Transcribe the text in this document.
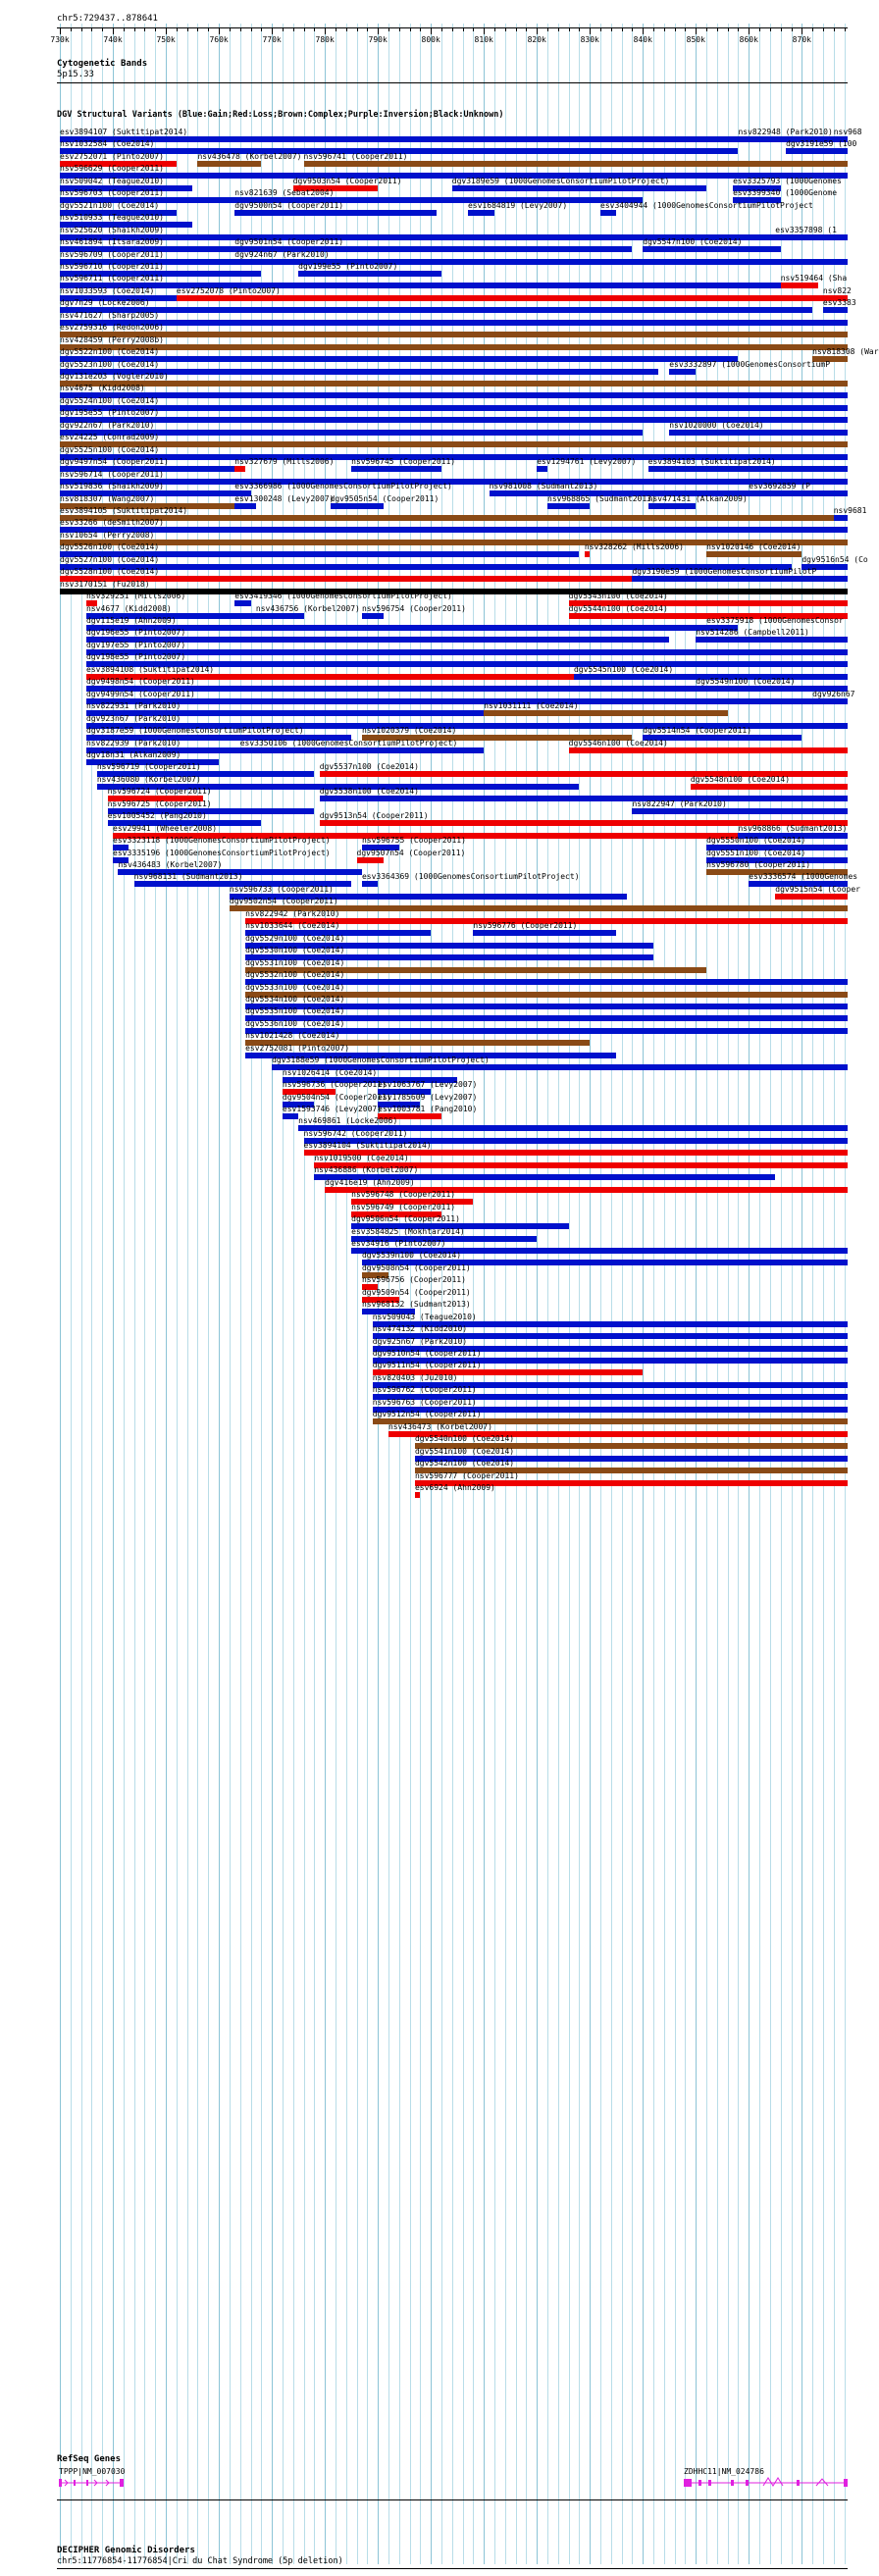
chr5:729437..878641
730k	740k	750k	760k	770k	780k	790k	800k	810k	820k	830k	840k	850k	860k	870k
Cytogenetic Bands
5p15.33
DGV Structural Variants (Blue:Gain;Red:Loss;Brown:Complex;Purple:Inversion;Black:Unknown)
esv3894107 (Suktitipat2014)	nsv822948 (Park2010) nsv968
nsv1032584 (Coe2014)	dgv3191e59 (100
esv2752071 (Pinto2007)	nsv436478 (Korbel2007) nsv596741 (Cooper2011)
nsv596629 (Cooper2011)
nsv509042 (Teague2010)	dgv9503n54 (Cooper2011)	dgv3189e59 (1000GenomesConsortiumPilotProject)	esv3325793 (1000Genomes
nsv596703 (Cooper2011)	nsv821639 (Sebat2004)	esv3399340 (1000Genome
dgv5521n100 (Coe2014)	dgv9500n54 (Cooper2011)	esv1684819 (Levy2007)	esv3404944 (1000GenomesConsortiumPilotProject
nsv510933 (Teague2010)
nsv525620 (Shaikh2009)	esv3357898 (1
nsv461894 (Itsara2009)	dgv9501n54 (Cooper2011)	dgv5547n100 (Coe2014)
nsv596709 (Cooper2011)	dgv924n67 (Park2010)
nsv596710 (Cooper2011)	dgv199e55 (Pinto2007)
nsv596711 (Cooper2011)	nsv519464 (Sha
nsv1033593 (Coe2014)	esv2752078 (Pinto2007)	nsv822
dgv7n29 (Locke2006)	esv3383
nsv471627 (Sharp2005)
esv2759316 (Redon2006)
nsv428459 (Perry2008b)
dgv5522n100 (Coe2014)	nsv818308 (War
dgv5523n100 (Coe2014)	esv3332897 (1000GenomesConsortiumP
dgv131e203 (Vogler2010)
nsv4675 (Kidd2008)
dgv5524n100 (Coe2014)
dgv195e55 (Pinto2007)
dgv922n67 (Park2010)	nsv1020000 (Coe2014)
esv24225 (Conrad2009)
dgv5525n100 (Coe2014)
dgv9497n54 (Cooper2011)	nsv327679 (Mills2006) nsv596745 (Cooper2011)	esv1294761 (Levy2007) esv3894103 (Suktitipat2014)
nsv596714 (Cooper2011)
nsv519836 (Shaikh2009)	esv3366986 (1000GenomesConsortiumPilotProject)	nsv981008 (Sudmant2013)	esv3692859 (P
nsv818307 (Wang2007)	esv1300248 (Levy2007)
dgv9505n54 (Cooper2011)	nsv968865 (Sudmant2013)
nsv471431 (Alkan2009)
esv3894105 (Suktitipat2014)	nsv9681
esv33266 (deSmith2007)
nsv10654 (Perry2008)
dgv5526n100 (Coe2014)	nsv328262 (Mills2006)	nsv1020146 (Coe2014)
dgv5527n100 (Coe2014)	dgv9516n54 (Co
dgv5528n100 (Coe2014)	dgv3190e59 (1000GenomesConsortiumPilotP
nsv3170151 (Fu2018)
nsv329251 (Mills2006)	esv3419346 (1000GenomesConsortiumPilotProject)	dgv5543n100 (Coe2014)
nsv4677 (Kidd2008)	nsv436756 (Korbel2007) nsv596754 (Cooper2011)	dgv5544n100 (Coe2014)
dgv115e19 (Ahn2009)	esv3375918 (1000GenomesConsor
dgv196e55 (Pinto2007)	nsv514286 (Campbell2011)
dgv197e55 (Pinto2007)
dgv198e55 (Pinto2007)
esv3894108 (Suktitipat2014)	dgv5545n100 (Coe2014)
dgv9498n54 (Cooper2011)	dgv5549n100 (Coe2014)
dgv9499n54 (Cooper2011)	dgv926n67
nsv822931 (Park2010)	nsv1031111 (Coe2014)
dgv923n67 (Park2010)
dgv3187e59 (1000GenomesConsortiumPilotProject)	nsv1020379 (Coe2014)	dgv5514n54 (Cooper2011)
nsv822939 (Park2010)	esv3350106 (1000GenomesConsortiumPilotProject)	dgv5546n100 (Coe2014)
dgv18n31 (Alkan2009)
nsv596719 (Cooper2011)	dgv5537n100 (Coe2014)
nsv436080 (Korbel2007)	dgv5548n100 (Coe2014)
nsv596724 (Cooper2011)	dgv5538n100 (Coe2014)
nsv596725 (Cooper2011)	nsv822947 (Park2010)
esv1005452 (Pang2010)	dgv9513n54 (Cooper2011)
esv29941 (Wheeler2008)	nsv968866 (Sudmant2013)
esv3323118 (1000GenomesConsortiumPilotProject)	nsv596755 (Cooper2011)	dgv5550n100 (Coe2014)
esv3335196 (1000GenomesConsortiumPilotProject)	dgv9507n54 (Cooper2011)	dgv5551n100 (Coe2014)
nsv436483 (Korbel2007)	nsv596780 (Cooper2011)
nsv968131 (Sudmant2013)	esv3364369 (1000GenomesConsortiumPilotProject)	esv3336574 (1000Genomes
nsv596733 (Cooper2011)	dgv9515n54 (Cooper
dgv9502n54 (Cooper2011)
nsv822942 (Park2010)
nsv1033644 (Coe2014)	nsv596776 (Cooper2011)
dgv5529n100 (Coe2014)
dgv5530n100 (Coe2014)
dgv5531n100 (Coe2014)
dgv5532n100 (Coe2014)
dgv5533n100 (Coe2014)
dgv5534n100 (Coe2014)
dgv5535n100 (Coe2014)
dgv5536n100 (Coe2014)
nsv1021428 (Coe2014)
esv2752081 (Pinto2007)
dgv3188e59 (1000GenomesConsortiumPilotProject)
nsv1026414 (Coe2014)
nsv596736 (Cooper2011)
esv1063767 (Levy2007)
dgv9504n54 (Cooper2011)
esv1785609 (Levy2007)
esv1593746 (Levy2007)
esv1003781 (Pang2010)
nsv469861 (Locke2006)
nsv596742 (Cooper2011)
esv3894104 (Suktitipat2014)
nsv1019500 (Coe2014)
nsv436886 (Korbel2007)
dgv416e19 (Ahn2009)
nsv596748 (Cooper2011)
nsv596749 (Cooper2011)
dgv9506n54 (Cooper2011)
esv3584825 (Mokhtar2014)
esv34916 (Pinto2007)
dgv5539n100 (Coe2014)
dgv9508n54 (Cooper2011)
nsv596756 (Cooper2011)
dgv9509n54 (Cooper2011)
nsv968132 (Sudmant2013)
nsv509043 (Teague2010)
nsv474132 (Kidd2010)
dgv925n67 (Park2010)
dgv9510n54 (Cooper2011)
dgv9511n54 (Cooper2011)
nsv820403 (Ju2010)
nsv596762 (Cooper2011)
nsv596763 (Cooper2011)
dgv9512n54 (Cooper2011)
nsv436473 (Korbel2007)
dgv5540n100 (Coe2014)
dgv5541n100 (Coe2014)
dgv5542n100 (Coe2014)
nsv596777 (Cooper2011)
esv6924 (Ahn2009)
RefSeq Genes
TPPP|NM_007030	ZDHHC11|NM_024786
DECIPHER Genomic Disorders
chr5:11776854-11776854|Cri du Chat Syndrome (5p deletion)
